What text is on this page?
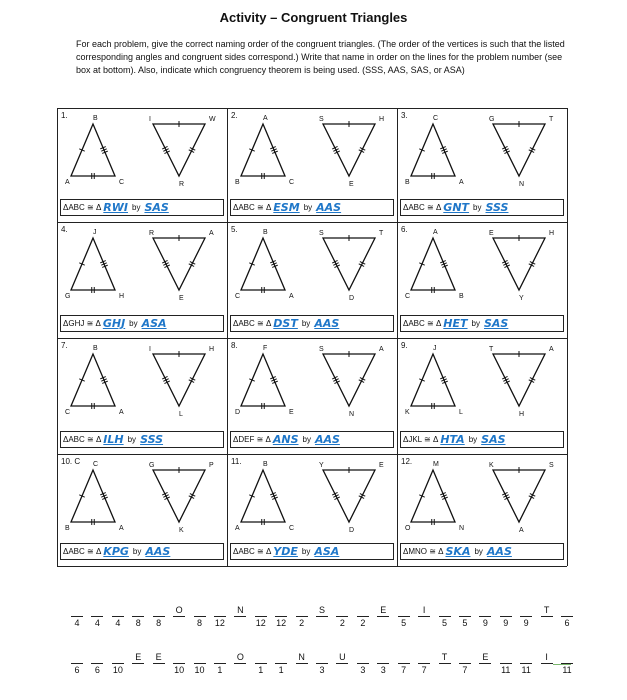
Activity – Congruent Triangles
For each problem, give the correct naming order of the congruent triangles. (The order of the vertices is such that the listed corresponding angles and congruent sides correspond.) Write that name in order on the lines for the problem number (see box at bottom). Also, indicate which congruency theorem is being used. (SSS, AAS, SAS, or ASA)
1.	B
A	C
I	W
R
ΔABC ≅ Δ RWI by SAS
2.	A
B	C
S	H
E
ΔABC ≅ Δ ESM by AAS
3.	C
B	A
G	T
N
ΔABC ≅ Δ GNT by SSS
4.	J
G	H
R	A
E
ΔGHJ ≅ Δ GHJ by ASA
5.	B
C	A
S	T
D
ΔABC ≅ Δ DST by AAS
6.	A
C	B
E	H
Y
ΔABC ≅ Δ HET by SAS
7.	B
C	A
I	H
L
ΔABC ≅ Δ ILH by SSS
8.	F
D	E
S	A
N
ΔDEF ≅ Δ ANS by AAS
9.	J
K	L
T	A
H
ΔJKL ≅ Δ HTA by SAS
10. C C
B	A
G	P
K
ΔABC ≅ Δ KPG by AAS
11.	B
A	C
Y	E
D
ΔABC ≅ Δ YDE by ASA
12.	M
O	N
K	S
A
ΔMNO ≅ Δ SKA by AAS
4	4	4	8	8
O
8	12
N
12	12	2
S
2	2
E
5
I
5	5	9	9	9
T
6
6	6	10
E	E
10	10	1
O
1	1
N
3
U
3	3	7	7
T
7
E
11	11
I
11
